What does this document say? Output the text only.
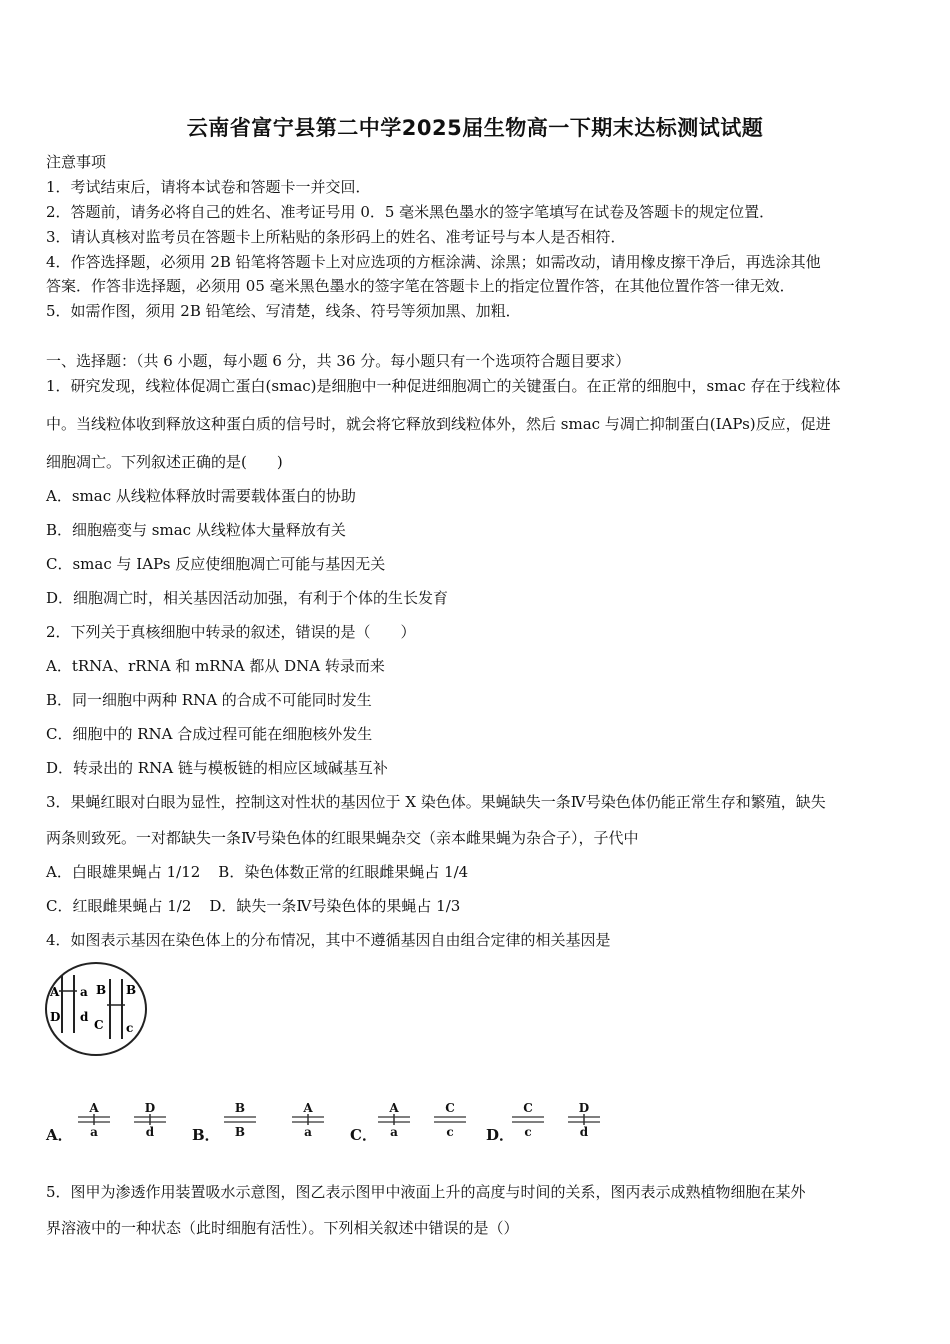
云南省富宁县第二中学2025届生物高一下期末达标测试试题
注意事项
1．考试结束后，请将本试卷和答题卡一并交回．
2．答题前，请务必将自己的姓名、准考证号用 0．5 毫米黑色墨水的签字笔填写在试卷及答题卡的规定位置．
3．请认真核对监考员在答题卡上所粘贴的条形码上的姓名、准考证号与本人是否相符．
4．作答选择题，必须用 2B 铅笔将答题卡上对应选项的方框涂满、涂黑；如需改动，请用橡皮擦干净后，再选涂其他
答案．作答非选择题，必须用 05 毫米黑色墨水的签字笔在答题卡上的指定位置作答，在其他位置作答一律无效．
5．如需作图，须用 2B 铅笔绘、写清楚，线条、符号等须加黑、加粗．
一、选择题：（共 6 小题，每小题 6 分，共 36 分。每小题只有一个选项符合题目要求）
1．研究发现，线粒体促凋亡蛋白(smac)是细胞中一种促进细胞凋亡的关键蛋白。在正常的细胞中，smac 存在于线粒体
中。当线粒体收到释放这种蛋白质的信号时，就会将它释放到线粒体外，然后 smac 与凋亡抑制蛋白(IAPs)反应，促进
细胞凋亡。下列叙述正确的是(　　)
A．smac 从线粒体释放时需要载体蛋白的协助
B．细胞癌变与 smac 从线粒体大量释放有关
C．smac 与 IAPs 反应使细胞凋亡可能与基因无关
D．细胞凋亡时，相关基因活动加强，有利于个体的生长发育
2．下列关于真核细胞中转录的叙述，错误的是（　　）
A．tRNA、rRNA 和 mRNA 都从 DNA 转录而来
B．同一细胞中两种 RNA 的合成不可能同时发生
C．细胞中的 RNA 合成过程可能在细胞核外发生
D．转录出的 RNA 链与模板链的相应区域碱基互补
3．果蝇红眼对白眼为显性，控制这对性状的基因位于 X 染色体。果蝇缺失一条Ⅳ号染色体仍能正常生存和繁殖，缺失
两条则致死。一对都缺失一条Ⅳ号染色体的红眼果蝇杂交（亲本雌果蝇为杂合子），子代中
A．白眼雄果蝇占 1/12 B．染色体数正常的红眼雌果蝇占 1/4
C．红眼雌果蝇占 1/2 D．缺失一条Ⅳ号染色体的果蝇占 1/3
4．如图表示基因在染色体上的分布情况，其中不遵循基因自由组合定律的相关基因是
A a
D d
B B
C c
A．
A
a
D
d	B．
B
B
A
a	C．
A
a
C
c	D．
C
c
D
d
5．图甲为渗透作用装置吸水示意图，图乙表示图甲中液面上升的高度与时间的关系，图丙表示成熟植物细胞在某外
界溶液中的一种状态（此时细胞有活性）。下列相关叙述中错误的是（）
